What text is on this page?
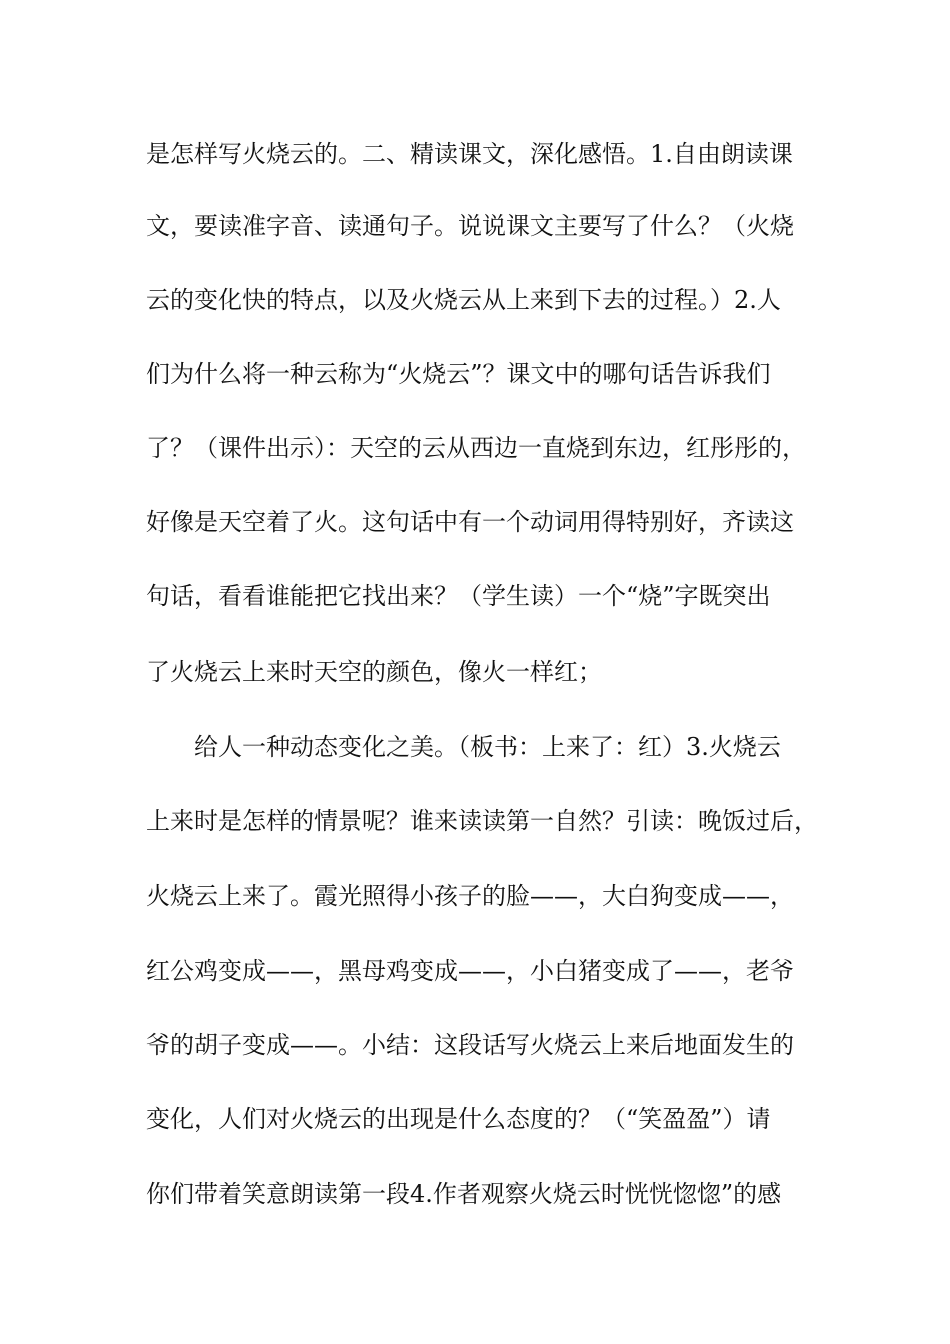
是怎样写火烧云的。二、精读课文，深化感悟。1.自由朗读课

文，要读准字音、读通句子。说说课文主要写了什么？（火烧

云的变化快的特点，以及火烧云从上来到下去的过程。）2.人

们为什么将一种云称为“火烧云”？课文中的哪句话告诉我们

了？（课件出示）：天空的云从西边一直烧到东边，红彤彤的，

好像是天空着了火。这句话中有一个动词用得特别好，齐读这

句话，看看谁能把它找出来？（学生读）一个“烧”字既突出

了火烧云上来时天空的颜色，像火一样红；

给人一种动态变化之美。（板书：上来了：红）3.火烧云

上来时是怎样的情景呢？谁来读读第一自然？引读：晚饭过后，

火烧云上来了。霞光照得小孩子的脸——，大白狗变成——，

红公鸡变成——，黑母鸡变成——，小白猪变成了——，老爷

爷的胡子变成——。小结：这段话写火烧云上来后地面发生的

变化，人们对火烧云的出现是什么态度的？（“笑盈盈”）请

你们带着笑意朗读第一段4.作者观察火烧云时恍恍惚惚”的感
